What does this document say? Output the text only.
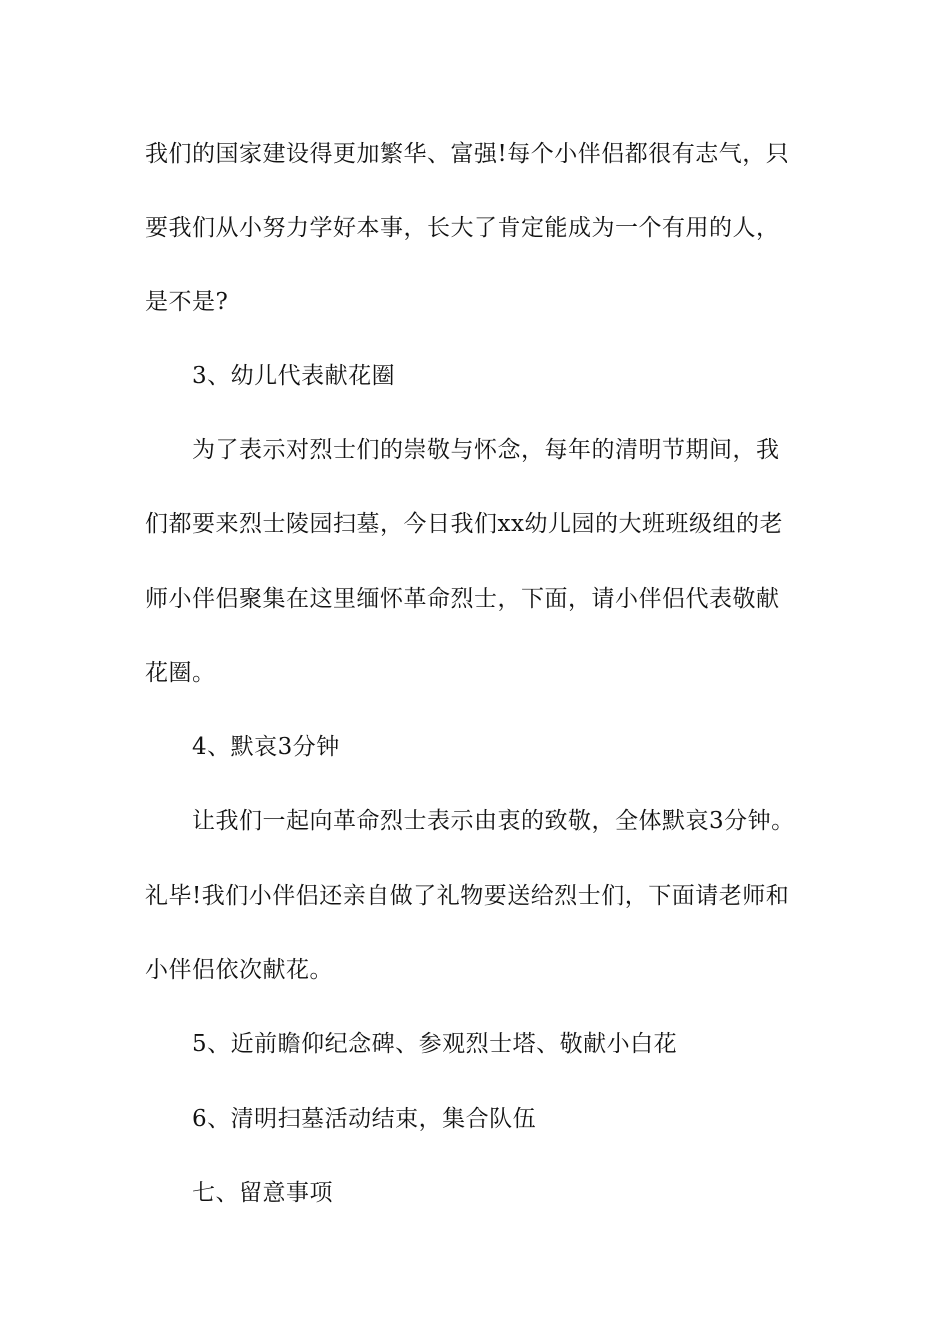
我们的国家建设得更加繁华、富强!每个小伴侣都很有志气，只
要我们从小努力学好本事，长大了肯定能成为一个有用的人，
是不是?
3、幼儿代表献花圈
为了表示对烈士们的崇敬与怀念，每年的清明节期间，我
们都要来烈士陵园扫墓，今日我们xx幼儿园的大班班级组的老
师小伴侣聚集在这里缅怀革命烈士，下面，请小伴侣代表敬献
花圈。
4、默哀3分钟
让我们一起向革命烈士表示由衷的致敬，全体默哀3分钟。
礼毕!我们小伴侣还亲自做了礼物要送给烈士们，下面请老师和
小伴侣依次献花。
5、近前瞻仰纪念碑、参观烈士塔、敬献小白花
6、清明扫墓活动结束，集合队伍
七、留意事项
